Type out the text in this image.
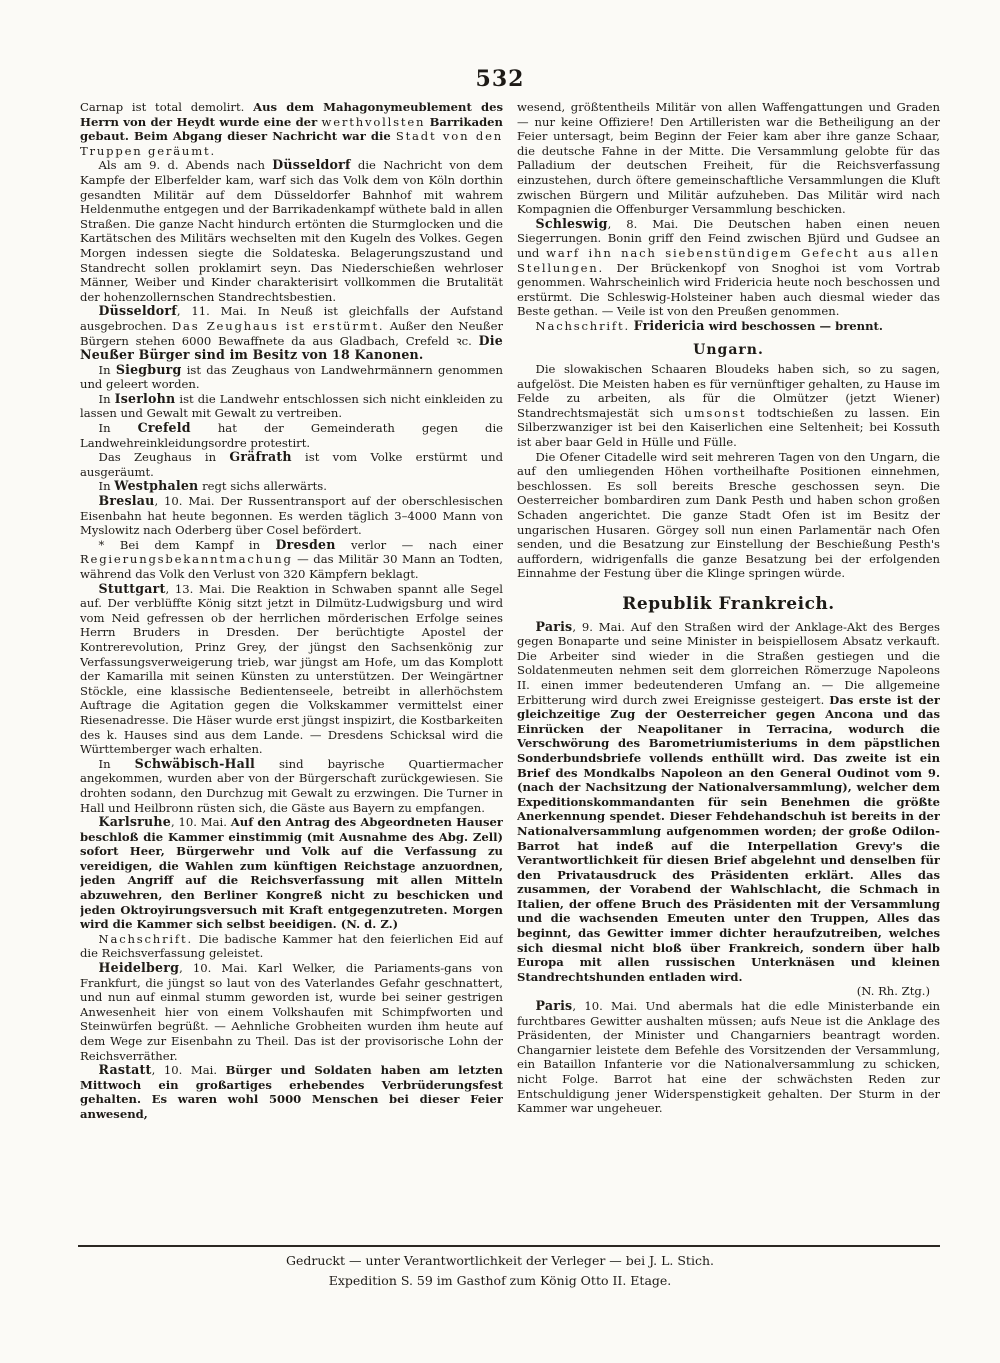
532

Carnap ist total demolirt. Aus dem Mahagonymeublement des Herrn von der Heydt wurde eine der werthvollsten Barrikaden gebaut. Beim Abgang dieser Nachricht war die Stadt von den Truppen geräumt.

Als am 9. d. Abends nach Düsseldorf die Nachricht von dem Kampfe der Elberfelder kam, warf sich das Volk dem von Köln dorthin gesandten Militär auf dem Düsseldorfer Bahnhof mit wahrem Heldenmuthe entgegen und der Barrikadenkampf wüthete bald in allen Straßen. Die ganze Nacht hindurch ertönten die Sturmglocken und die Kartätschen des Militärs wechselten mit den Kugeln des Volkes. Gegen Morgen indessen siegte die Soldateska. Belagerungszustand und Standrecht sollen proklamirt seyn. Das Niederschießen wehrloser Männer, Weiber und Kinder charakterisirt vollkommen die Brutalität der hohenzollernschen Standrechtsbestien.

Düsseldorf, 11. Mai. In Neuß ist gleichfalls der Aufstand ausgebrochen. Das Zeughaus ist erstürmt. Außer den Neußer Bürgern stehen 6000 Bewaffnete da aus Gladbach, Crefeld ꝛc. Die Neußer Bürger sind im Besitz von 18 Kanonen.

In Siegburg ist das Zeughaus von Landwehrmännern genommen und geleert worden.

In Iserlohn ist die Landwehr entschlossen sich nicht einkleiden zu lassen und Gewalt mit Gewalt zu vertreiben.

In Crefeld hat der Gemeinderath gegen die Landwehreinkleidungsordre protestirt.

Das Zeughaus in Gräfrath ist vom Volke erstürmt und ausgeräumt.

In Westphalen regt sichs allerwärts.

Breslau, 10. Mai. Der Russentransport auf der oberschlesischen Eisenbahn hat heute begonnen. Es werden täglich 3–4000 Mann von Myslowitz nach Oderberg über Cosel befördert.

* Bei dem Kampf in Dresden verlor — nach einer Regierungsbekanntmachung — das Militär 30 Mann an Todten, während das Volk den Verlust von 320 Kämpfern beklagt.

Stuttgart, 13. Mai. Die Reaktion in Schwaben spannt alle Segel auf. Der verblüffte König sitzt jetzt in Dilmütz-Ludwigsburg und wird vom Neid gefressen ob der herrlichen mörderischen Erfolge seines Herrn Bruders in Dresden. Der berüchtigte Apostel der Kontrerevolution, Prinz Grey, der jüngst den Sachsenkönig zur Verfassungsverweigerung trieb, war jüngst am Hofe, um das Komplott der Kamarilla mit seinen Künsten zu unterstützen. Der Weingärtner Stöckle, eine klassische Bedientenseele, betreibt in allerhöchstem Auftrage die Agitation gegen die Volkskammer vermittelst einer Riesenadresse. Die Häser wurde erst jüngst inspizirt, die Kostbarkeiten des k. Hauses sind aus dem Lande. — Dresdens Schicksal wird die Württemberger wach erhalten.

In Schwäbisch-Hall sind bayrische Quartiermacher angekommen, wurden aber von der Bürgerschaft zurückgewiesen. Sie drohten sodann, den Durchzug mit Gewalt zu erzwingen. Die Turner in Hall und Heilbronn rüsten sich, die Gäste aus Bayern zu empfangen.

Karlsruhe, 10. Mai. Auf den Antrag des Abgeordneten Hauser beschloß die Kammer einstimmig (mit Ausnahme des Abg. Zell) sofort Heer, Bürgerwehr und Volk auf die Verfassung zu vereidigen, die Wahlen zum künftigen Reichstage anzuordnen, jeden Angriff auf die Reichsverfassung mit allen Mitteln abzuwehren, den Berliner Kongreß nicht zu beschicken und jeden Oktroyirungsversuch mit Kraft entgegenzutreten. Morgen wird die Kammer sich selbst beeidigen. (N. d. Z.)

Nachschrift. Die badische Kammer hat den feierlichen Eid auf die Reichsverfassung geleistet.

Heidelberg, 10. Mai. Karl Welker, die Pariaments-gans von Frankfurt, die jüngst so laut von des Vaterlandes Gefahr geschnattert, und nun auf einmal stumm geworden ist, wurde bei seiner gestrigen Anwesenheit hier von einem Volkshaufen mit Schimpfworten und Steinwürfen begrüßt. — Aehnliche Grobheiten wurden ihm heute auf dem Wege zur Eisenbahn zu Theil. Das ist der provisorische Lohn der Reichsverräther.

Rastatt, 10. Mai. Bürger und Soldaten haben am letzten Mittwoch ein großartiges erhebendes Verbrüderungsfest gehalten. Es waren wohl 5000 Menschen bei dieser Feier anwesend,

wesend, größtentheils Militär von allen Waffengattungen und Graden — nur keine Offiziere! Den Artilleristen war die Betheiligung an der Feier untersagt, beim Beginn der Feier kam aber ihre ganze Schaar, die deutsche Fahne in der Mitte. Die Versammlung gelobte für das Palladium der deutschen Freiheit, für die Reichsverfassung einzustehen, durch öftere gemeinschaftliche Versammlungen die Kluft zwischen Bürgern und Militär aufzuheben. Das Militär wird nach Kompagnien die Offenburger Versammlung beschicken.

Schleswig, 8. Mai. Die Deutschen haben einen neuen Siegerrungen. Bonin griff den Feind zwischen Bjürd und Gudsee an und warf ihn nach siebenstündigem Gefecht aus allen Stellungen. Der Brückenkopf von Snoghoi ist vom Vortrab genommen. Wahrscheinlich wird Fridericia heute noch beschossen und erstürmt. Die Schleswig-Holsteiner haben auch diesmal wieder das Beste gethan. — Veile ist von den Preußen genommen.

Nachschrift. Fridericia wird beschossen — brennt.

Ungarn.

Die slowakischen Schaaren Bloudeks haben sich, so zu sagen, aufgelöst. Die Meisten haben es für vernünftiger gehalten, zu Hause im Felde zu arbeiten, als für die Olmützer (jetzt Wiener) Standrechtsmajestät sich umsonst todtschießen zu lassen. Ein Silberzwanziger ist bei den Kaiserlichen eine Seltenheit; bei Kossuth ist aber baar Geld in Hülle und Fülle.

Die Ofener Citadelle wird seit mehreren Tagen von den Ungarn, die auf den umliegenden Höhen vortheilhafte Positionen einnehmen, beschlossen. Es soll bereits Bresche geschossen seyn. Die Oesterreicher bombardiren zum Dank Pesth und haben schon großen Schaden angerichtet. Die ganze Stadt Ofen ist im Besitz der ungarischen Husaren. Görgey soll nun einen Parlamentär nach Ofen senden, und die Besatzung zur Einstellung der Beschießung Pesth's auffordern, widrigenfalls die ganze Besatzung bei der erfolgenden Einnahme der Festung über die Klinge springen würde.

Republik Frankreich.

Paris, 9. Mai. Auf den Straßen wird der Anklage-Akt des Berges gegen Bonaparte und seine Minister in beispiellosem Absatz verkauft. Die Arbeiter sind wieder in die Straßen gestiegen und die Soldatenmeuten nehmen seit dem glorreichen Römerzuge Napoleons II. einen immer bedeutenderen Umfang an. — Die allgemeine Erbitterung wird durch zwei Ereignisse gesteigert. Das erste ist der gleichzeitige Zug der Oesterreicher gegen Ancona und das Einrücken der Neapolitaner in Terracina, wodurch die Verschwörung des Barometriumisteriums in dem päpstlichen Sonderbundsbriefe vollends enthüllt wird. Das zweite ist ein Brief des Mondkalbs Napoleon an den General Oudinot vom 9. (nach der Nachsitzung der Nationalversammlung), welcher dem Expeditionskommandanten für sein Benehmen die größte Anerkennung spendet. Dieser Fehdehandschuh ist bereits in der Nationalversammlung aufgenommen worden; der große Odilon-Barrot hat indeß auf die Interpellation Grevy's die Verantwortlichkeit für diesen Brief abgelehnt und denselben für den Privatausdruck des Präsidenten erklärt. Alles das zusammen, der Vorabend der Wahlschlacht, die Schmach in Italien, der offene Bruch des Präsidenten mit der Versammlung und die wachsenden Emeuten unter den Truppen, Alles das beginnt, das Gewitter immer dichter heraufzutreiben, welches sich diesmal nicht bloß über Frankreich, sondern über halb Europa mit allen russischen Unterknäsen und kleinen Standrechtshunden entladen wird.

(N. Rh. Ztg.)

Paris, 10. Mai. Und abermals hat die edle Ministerbande ein furchtbares Gewitter aushalten müssen; aufs Neue ist die Anklage des Präsidenten, der Minister und Changarniers beantragt worden. Changarnier leistete dem Befehle des Vorsitzenden der Versammlung, ein Bataillon Infanterie vor die Nationalversammlung zu schicken, nicht Folge. Barrot hat eine der schwächsten Reden zur Entschuldigung jener Widerspenstigkeit gehalten. Der Sturm in der Kammer war ungeheuer.

Gedruckt — unter Verantwortlichkeit der Verleger — bei J. L. Stich.
Expedition S. 59 im Gasthof zum König Otto II. Etage.
